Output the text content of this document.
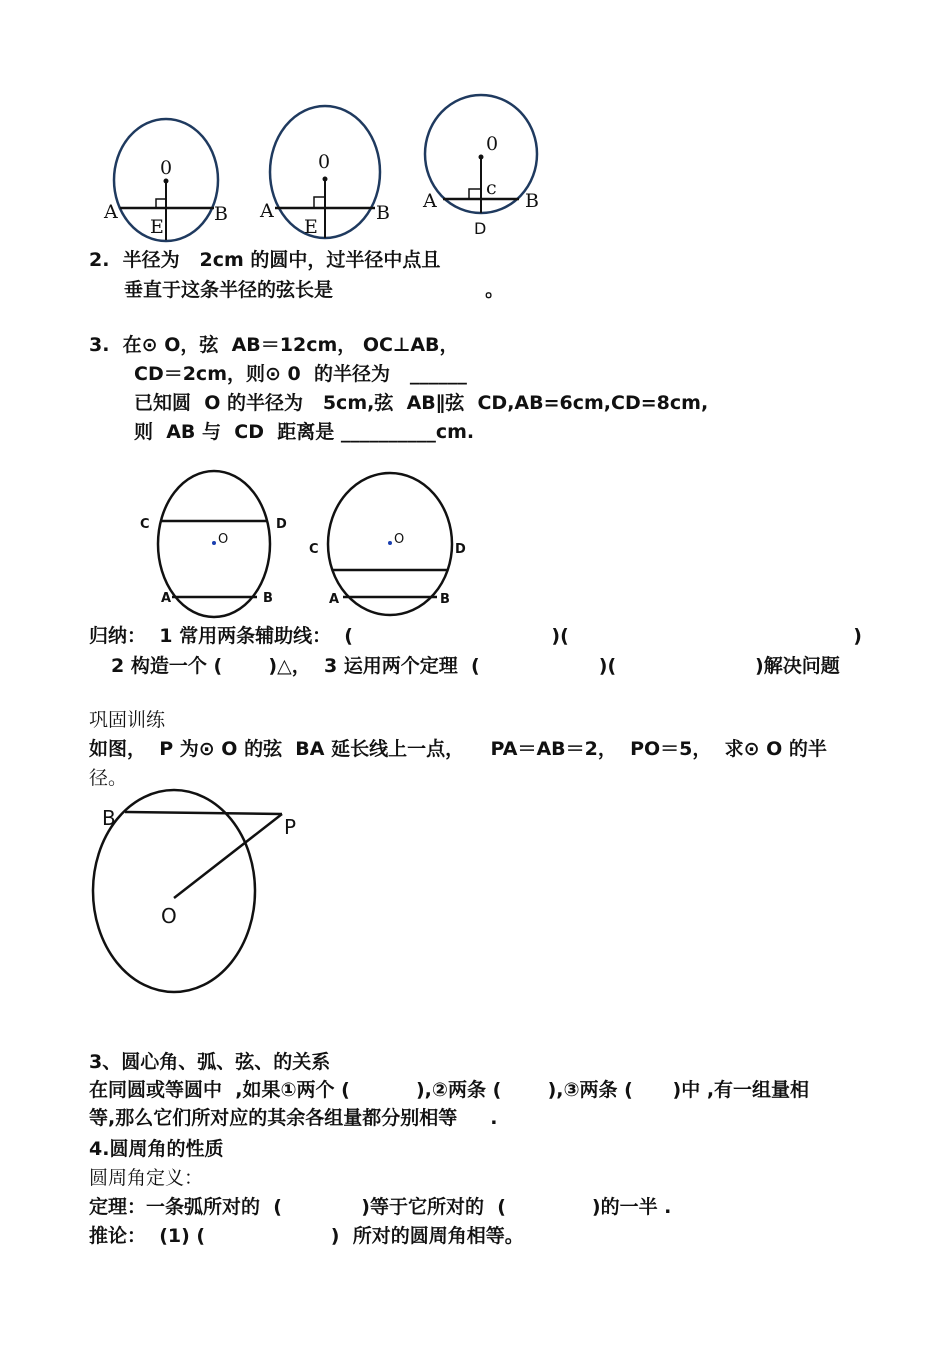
A
E
B
0
A
E
B
0
A	B
0
c
D
2.  半径为   2cm 的圆中，过半径中点且
垂直于这条半径的弦长是                       。
3.  在⊙ O，弦  AB＝12cm， OC⊥AB，
CD＝2cm，则⊙ 0  的半径为   ______
已知圆  O 的半径为   5cm,弦  AB∥弦  CD,AB=6cm,CD=8cm,
则  AB 与  CD  距离是 __________cm.
C	D
O
A	B
C	D
O
A	B
归纳：  1 常用两条辅助线：  (                              )(                                           )
2 构造一个 (       )△，  3 运用两个定理  (                  )(                     )解决问题
巩固训练
如图，  P 为⊙ O 的弦  BA 延长线上一点，    PA＝AB＝2，  PO＝5，  求⊙ O 的半
径。
B	P
O
3、圆心角、弧、弦、的关系
在同圆或等圆中  ,如果①两个 (          ),②两条 (       ),③两条 (      )中 ,有一组量相
等,那么它们所对应的其余各组量都分别相等     .
4.圆周角的性质
圆周角定义：
定理：一条弧所对的  (            )等于它所对的  (             )的一半 .
推论：  (1) (                   )  所对的圆周角相等。
